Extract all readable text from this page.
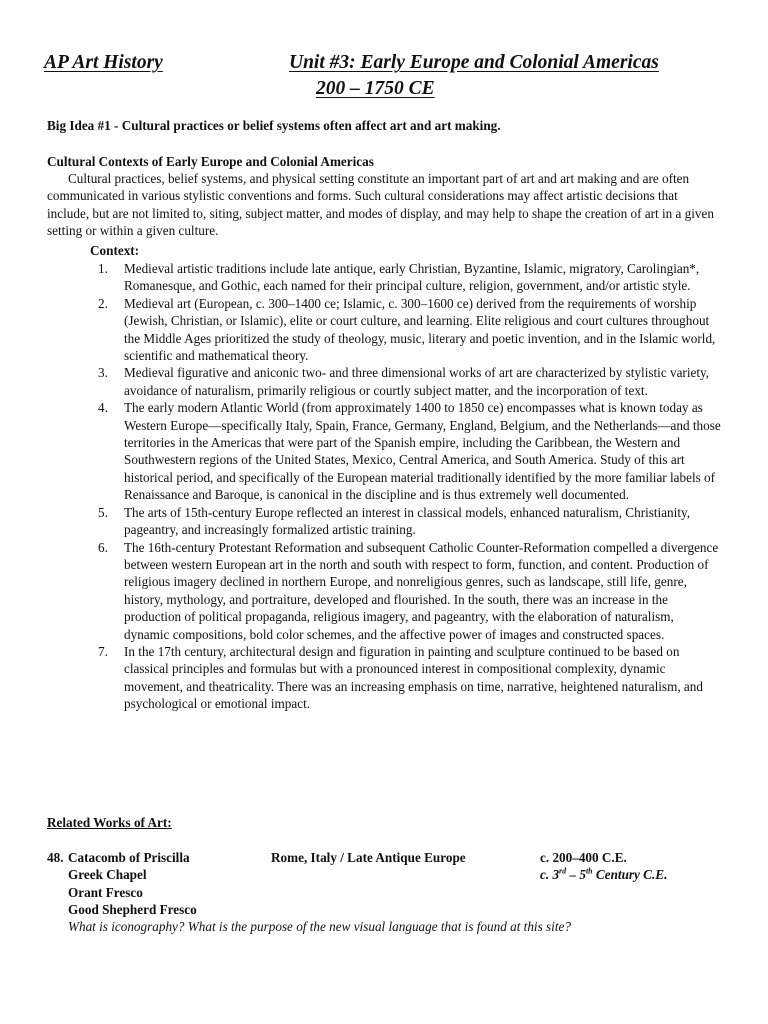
AP Art History	Unit #3: Early Europe and Colonial Americas
200 – 1750 CE
Big Idea #1 - Cultural practices or belief systems often affect art and art making.
Cultural Contexts of Early Europe and Colonial Americas

Cultural practices, belief systems, and physical setting constitute an important part of art and art making and are often communicated in various stylistic conventions and forms. Such cultural considerations may affect artistic decisions that include, but are not limited to, siting, subject matter, and modes of display, and may help to shape the creation of art in a given setting or within a given culture.

Context:
1. Medieval artistic traditions include late antique, early Christian, Byzantine, Islamic, migratory, Carolingian*, Romanesque, and Gothic, each named for their principal culture, religion, government, and/or artistic style.
2. Medieval art (European, c. 300–1400 ce; Islamic, c. 300–1600 ce) derived from the requirements of worship (Jewish, Christian, or Islamic), elite or court culture, and learning. Elite religious and court cultures throughout the Middle Ages prioritized the study of theology, music, literary and poetic invention, and in the Islamic world, scientific and mathematical theory.
3. Medieval figurative and aniconic two- and three dimensional works of art are characterized by stylistic variety, avoidance of naturalism, primarily religious or courtly subject matter, and the incorporation of text.
4. The early modern Atlantic World (from approximately 1400 to 1850 ce) encompasses what is known today as Western Europe—specifically Italy, Spain, France, Germany, England, Belgium, and the Netherlands—and those territories in the Americas that were part of the Spanish empire, including the Caribbean, the Western and Southwestern regions of the United States, Mexico, Central America, and South America. Study of this art historical period, and specifically of the European material traditionally identified by the more familiar labels of Renaissance and Baroque, is canonical in the discipline and is thus extremely well documented.
5. The arts of 15th-century Europe reflected an interest in classical models, enhanced naturalism, Christianity, pageantry, and increasingly formalized artistic training.
6. The 16th-century Protestant Reformation and subsequent Catholic Counter-Reformation compelled a divergence between western European art in the north and south with respect to form, function, and content. Production of religious imagery declined in northern Europe, and nonreligious genres, such as landscape, still life, genre, history, mythology, and portraiture, developed and flourished. In the south, there was an increase in the production of political propaganda, religious imagery, and pageantry, with the elaboration of naturalism, dynamic compositions, bold color schemes, and the affective power of images and constructed spaces.
7. In the 17th century, architectural design and figuration in painting and sculpture continued to be based on classical principles and formulas but with a pronounced interest in compositional complexity, dynamic movement, and theatricality. There was an increasing emphasis on time, narrative, heightened naturalism, and psychological or emotional impact.
Related Works of Art:
48. Catacomb of Priscilla	Rome, Italy / Late Antique Europe	c. 200–400 C.E.
c. 3rd – 5th Century C.E.
Greek Chapel
Orant Fresco
Good Shepherd Fresco
What is iconography? What is the purpose of the new visual language that is found at this site?
